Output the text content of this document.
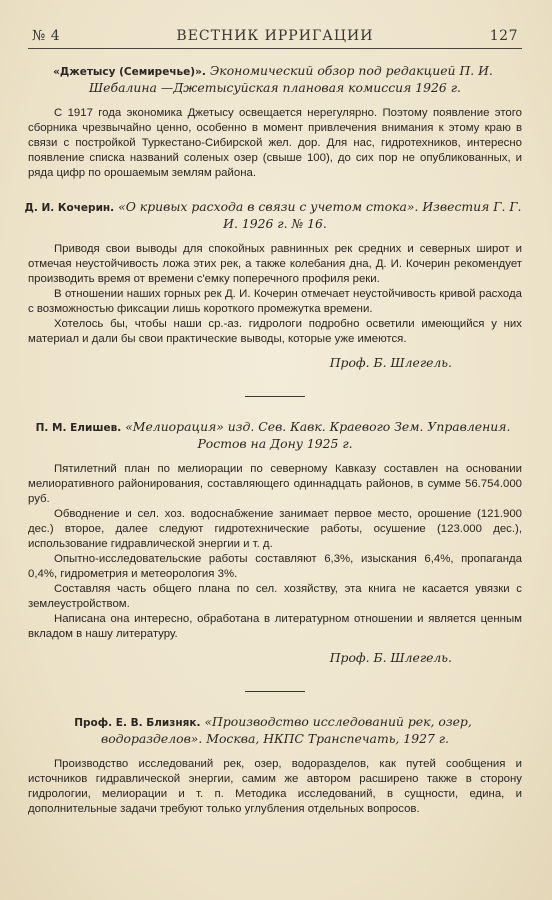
№ 4	ВЕСТНИК ИРРИГАЦИИ	127
«Джетысу (Семиречье)». Экономический обзор под редакцией П. И. Шебалина —Джетысуйская плановая комиссия 1926 г.

С 1917 года экономика Джетысу освещается нерегулярно. Поэтому появление этого сборника чрезвычайно ценно, особенно в момент привлечения внимания к этому краю в связи с постройкой Туркестано-Сибирской жел. дор. Для нас, гидротехников, интересно появление списка названий соленых озер (свыше 100), до сих пор не опубликованных, и ряда цифр по орошаемым землям района.

Д. И. Кочерин. «О кривых расхода в связи с учетом стока». Известия Г. Г. И. 1926 г. № 16.

Приводя свои выводы для спокойных равнинных рек средних и северных широт и отмечая неустойчивость ложа этих рек, а также колебания дна, Д. И. Кочерин рекомендует производить время от времени с'емку поперечного профиля реки.

В отношении наших горных рек Д. И. Кочерин отмечает неустойчивость кривой расхода с возможностью фиксации лишь короткого промежутка времени.

Хотелось бы, чтобы наши ср.-аз. гидрологи подробно осветили имеющийся у них материал и дали бы свои практические выводы, которые уже имеются.

Проф. Б. Шлегель.
П. М. Елишев. «Мелиорация» изд. Сев. Кавк. Краевого Зем. Управления. Ростов на Дону 1925 г.

Пятилетний план по мелиорации по северному Кавказу составлен на основании мелиоративного районирования, составляющего одиннадцать районов, в сумме 56.754.000 руб.

Обводнение и сел. хоз. водоснабжение занимает первое место, орошение (121.900 дес.) второе, далее следуют гидротехнические работы, осушение (123.000 дес.), использование гидравлической энергии и т. д.

Опытно-исследовательские работы составляют 6,3%, изыскания 6,4%, пропаганда 0,4%, гидрометрия и метеорология 3%.

Составляя часть общего плана по сел. хозяйству, эта книга не касается увязки с землеустройством.

Написана она интересно, обработана в литературном отношении и является ценным вкладом в нашу литературу.

Проф. Б. Шлегель.
Проф. Е. В. Близняк. «Производство исследований рек, озер, водоразделов». Москва, НКПС Транспечать, 1927 г.

Производство исследований рек, озер, водоразделов, как путей сообщения и источников гидравлической энергии, самим же автором расширено также в сторону гидрологии, мелиорации и т. п. Методика исследований, в сущности, едина, и дополнительные задачи требуют только углубления отдельных вопросов.
